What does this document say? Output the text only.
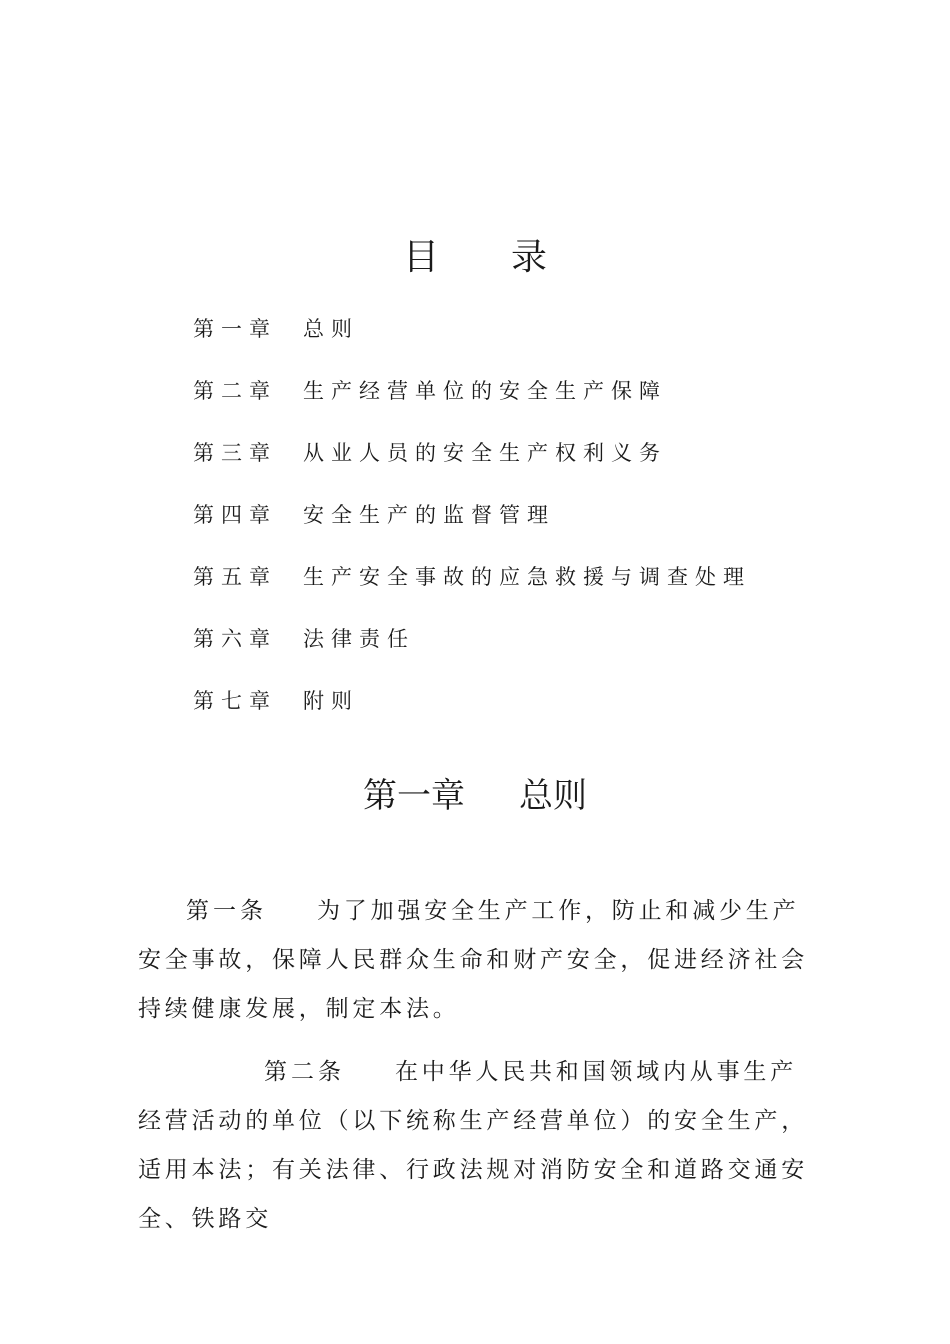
目 录
第一章	总则
第二章	生产经营单位的安全生产保障
第三章	从业人员的安全生产权利义务
第四章	安全生产的监督管理
第五章	生产安全事故的应急救援与调查处理
第六章	法律责任
第七章	附则
第一章 总则

第一条 为了加强安全生产工作，防止和减少生产安全事故，保障人民群众生命和财产安全，促进经济社会持续健康发展，制定本法。

第二条 在中华人民共和国领域内从事生产经营活动的单位（以下统称生产经营单位）的安全生产，适用本法；有关法律、行政法规对消防安全和道路交通安全、铁路交
